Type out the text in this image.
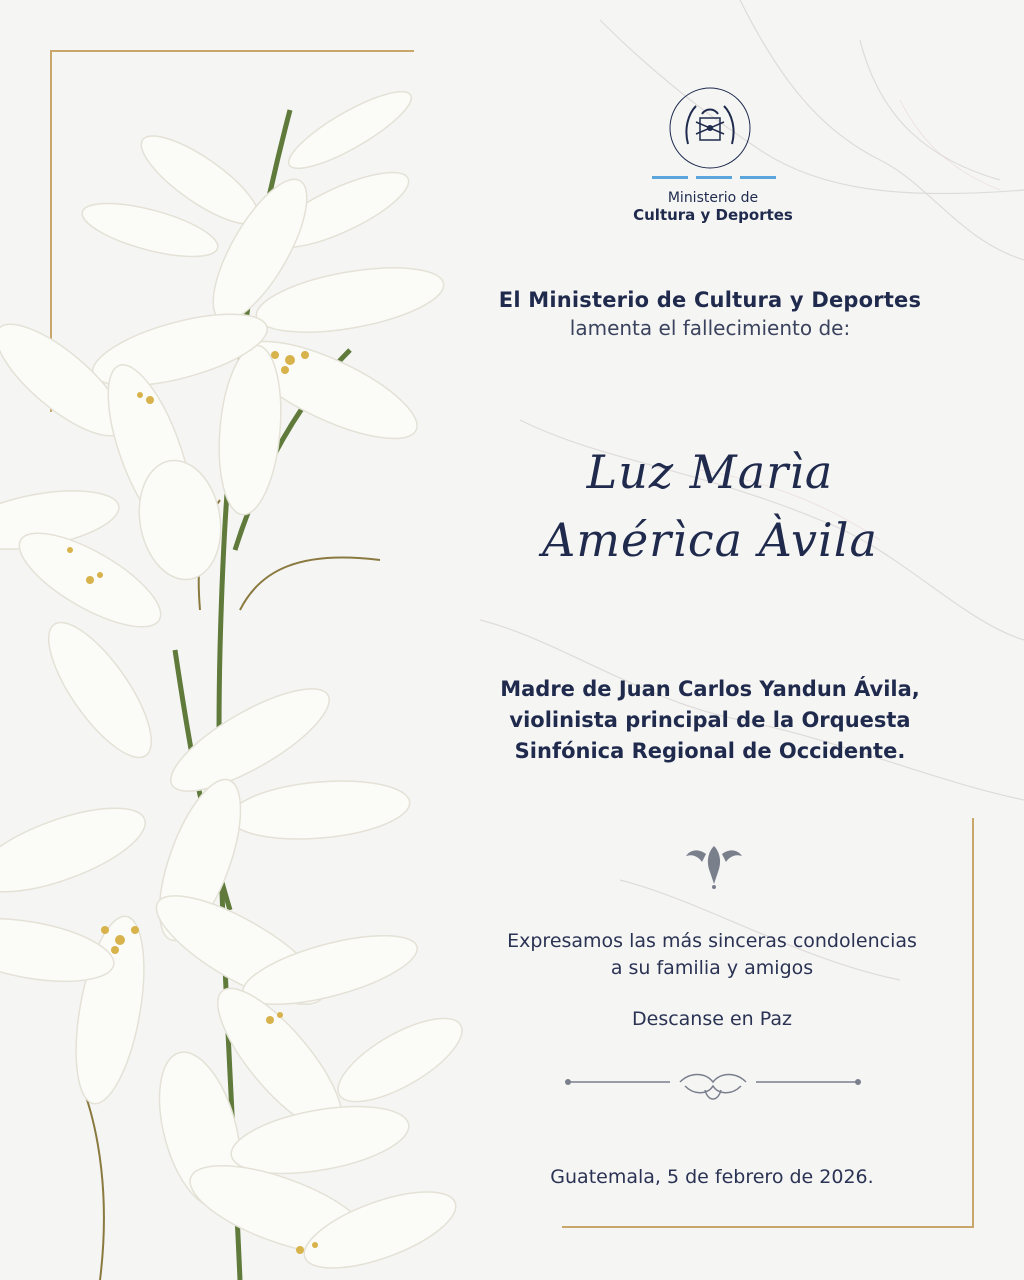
Ministerio de
Cultura y Deportes
El Ministerio de Cultura y Deportes
lamenta el fallecimiento de:
Luz Marìa
Amérìca Àvila
Madre de Juan Carlos Yandun Ávila,
violinista principal de la Orquesta
Sinfónica Regional de Occidente.
Expresamos las más sinceras condolencias
a su familia y amigos
Descanse en Paz
Guatemala, 5 de febrero de 2026.
